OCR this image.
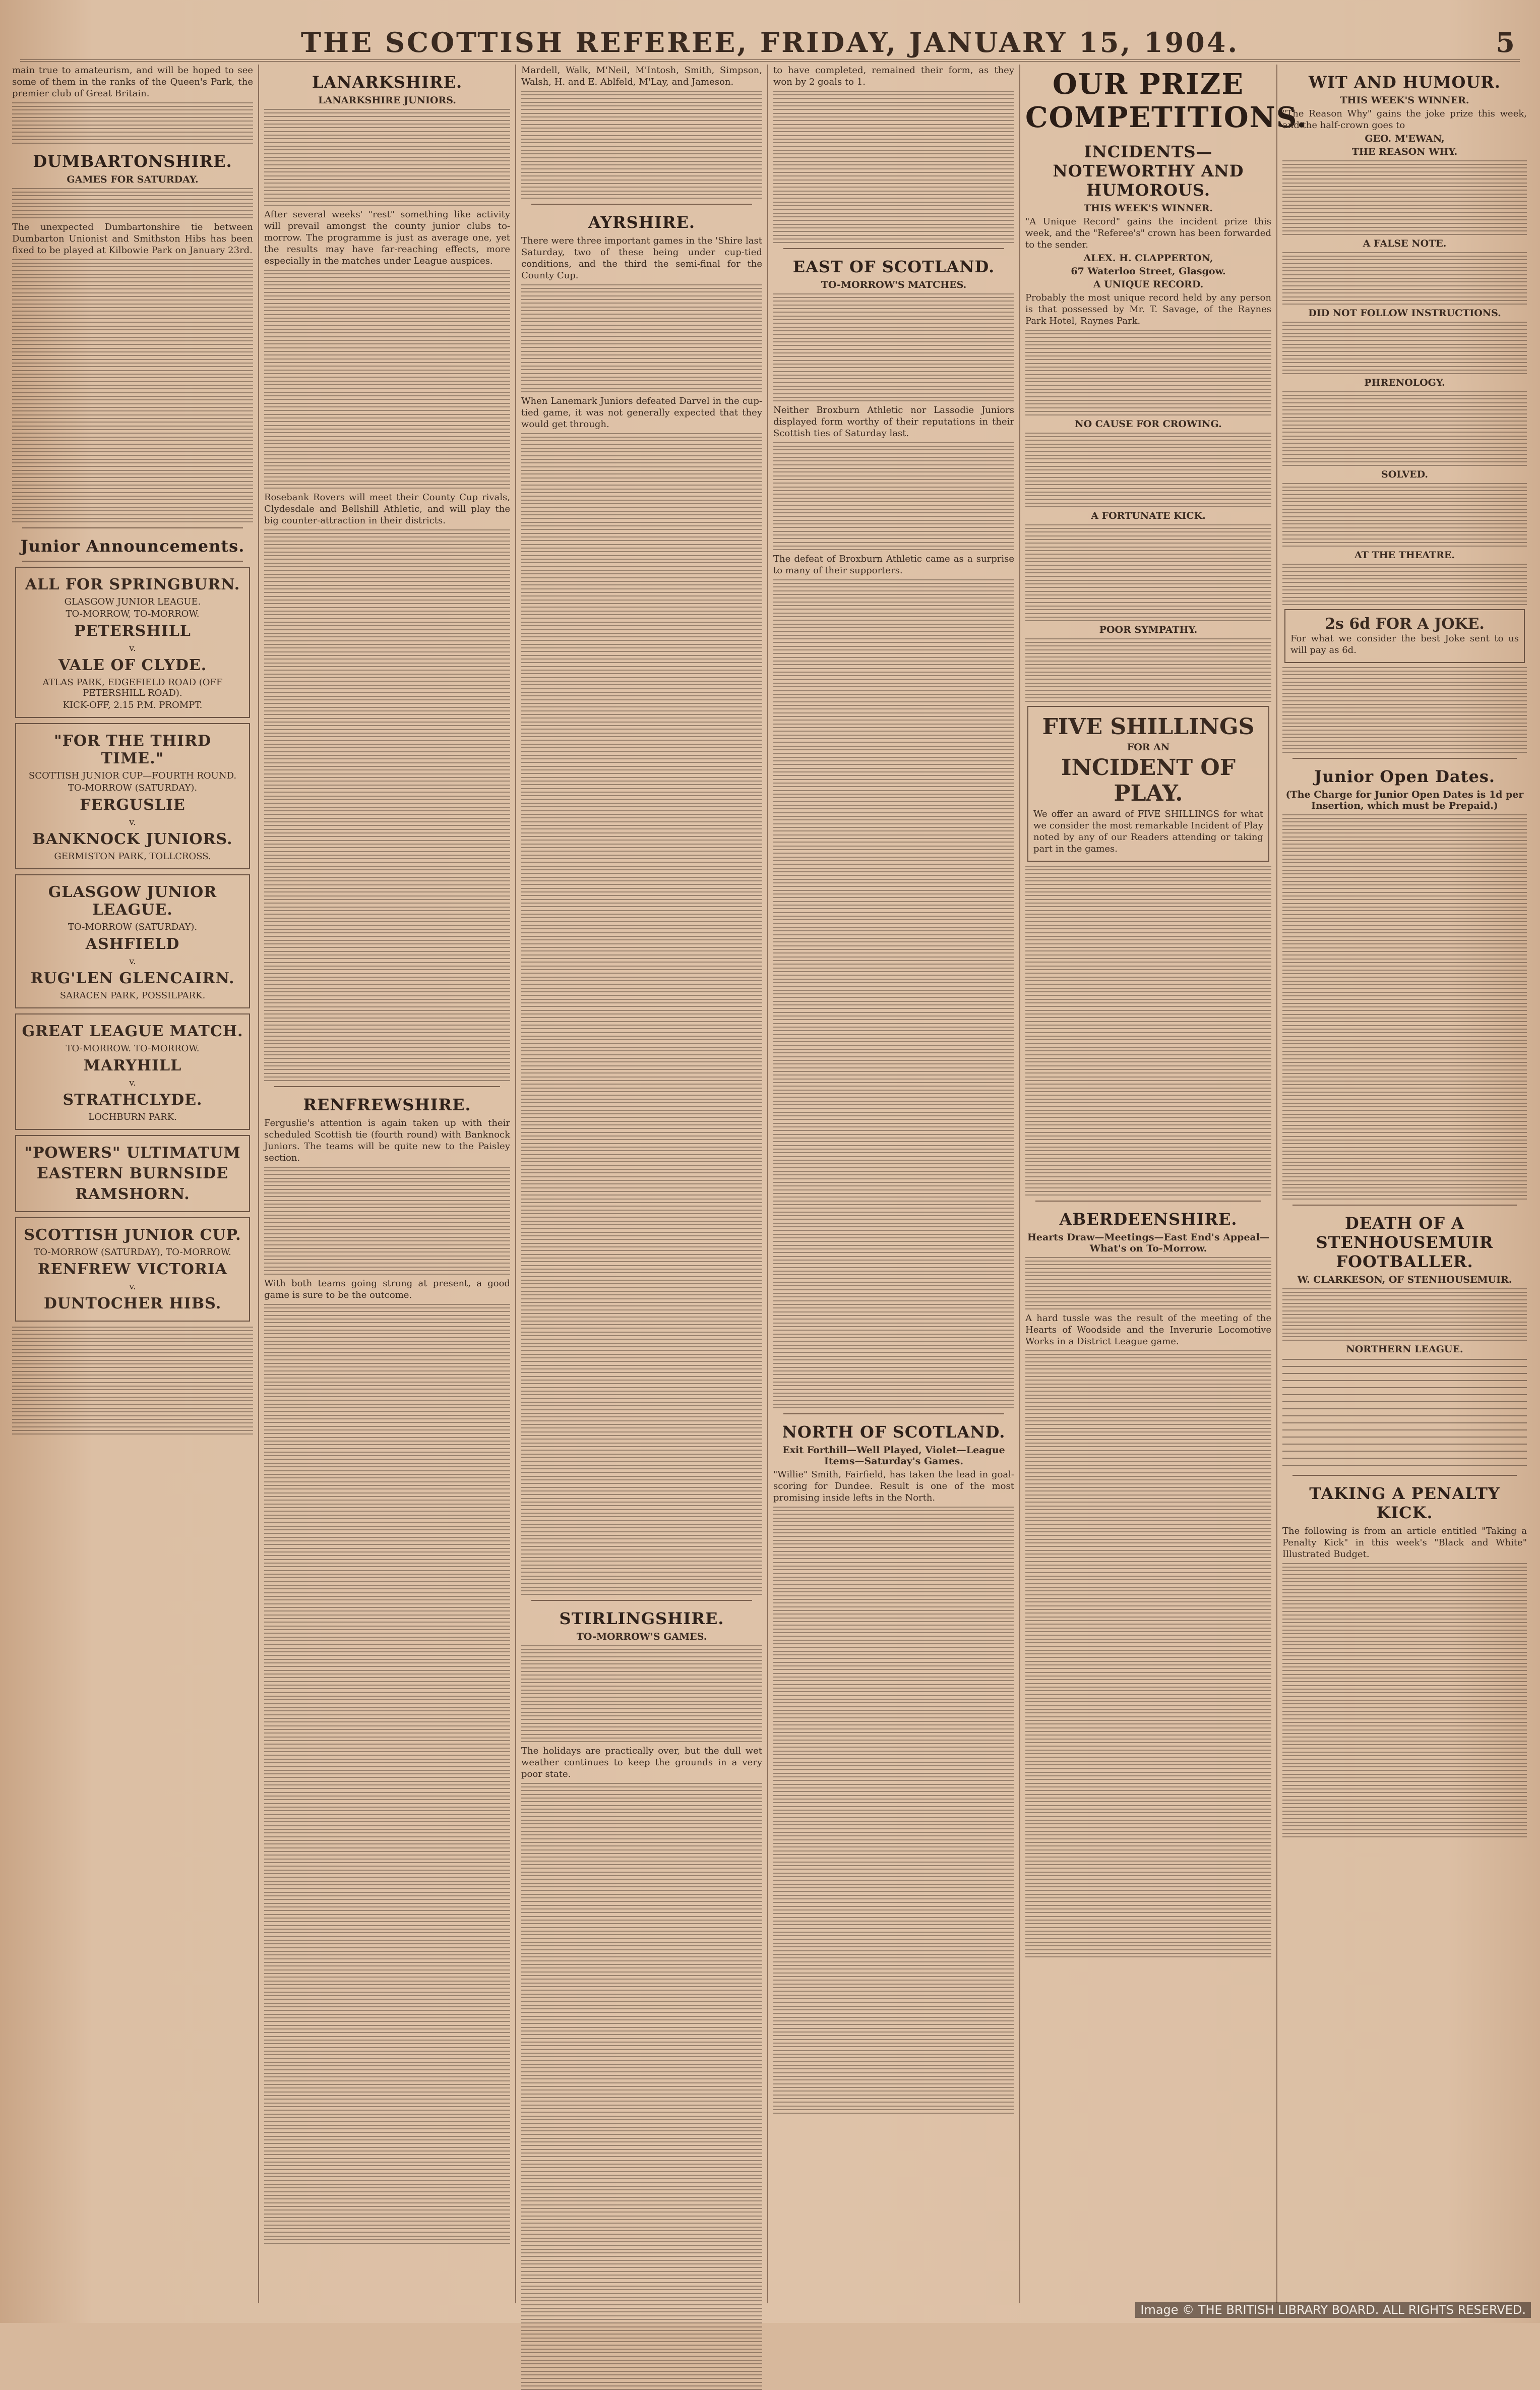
THE SCOTTISH REFEREE, FRIDAY, JANUARY 15, 1904.	5

main true to amateurism, and will be hoped to see some of them in the ranks of the Queen's Park, the premier club of Great Britain.

DUMBARTONSHIRE.
GAMES FOR SATURDAY.

The unexpected Dumbartonshire tie between Dumbarton Unionist and Smithston Hibs has been fixed to be played at Kilbowie Park on January 23rd.

Junior Announcements.
ALL FOR SPRINGBURN.
GLASGOW JUNIOR LEAGUE.
TO-MORROW, TO-MORROW.
PETERSHILL
v.
VALE OF CLYDE.
ATLAS PARK, EDGEFIELD ROAD (OFF PETERSHILL ROAD).
KICK-OFF, 2.15 P.M. PROMPT.
"FOR THE THIRD TIME."
SCOTTISH JUNIOR CUP—FOURTH ROUND.
TO-MORROW (SATURDAY).
FERGUSLIE
v.
BANKNOCK JUNIORS.
GERMISTON PARK, TOLLCROSS.
GLASGOW JUNIOR LEAGUE.
TO-MORROW (SATURDAY).
ASHFIELD
v.
RUG'LEN GLENCAIRN.
SARACEN PARK, POSSILPARK.
GREAT LEAGUE MATCH.
TO-MORROW. TO-MORROW.
MARYHILL
v.
STRATHCLYDE.
LOCHBURN PARK.
"POWERS" ULTIMATUM
EASTERN BURNSIDE
RAMSHORN.
SCOTTISH JUNIOR CUP.
TO-MORROW (SATURDAY), TO-MORROW.
RENFREW VICTORIA
v.
DUNTOCHER HIBS.
LANARKSHIRE.
LANARKSHIRE JUNIORS.

After several weeks' "rest" something like activity will prevail amongst the county junior clubs to-morrow. The programme is just as average one, yet the results may have far-reaching effects, more especially in the matches under League auspices.

Rosebank Rovers will meet their County Cup rivals, Clydesdale and Bellshill Athletic, and will play the big counter-attraction in their districts.

RENFREWSHIRE.

Ferguslie's attention is again taken up with their scheduled Scottish tie (fourth round) with Banknock Juniors. The teams will be quite new to the Paisley section.

With both teams going strong at present, a good game is sure to be the outcome.

Mardell, Walk, M'Neil, M'Intosh, Smith, Simpson, Walsh, H. and E. Ablfeld, M'Lay, and Jameson.

AYRSHIRE.

There were three important games in the 'Shire last Saturday, two of these being under cup-tied conditions, and the third the semi-final for the County Cup.

When Lanemark Juniors defeated Darvel in the cup-tied game, it was not generally expected that they would get through.

STIRLINGSHIRE.
TO-MORROW'S GAMES.

The holidays are practically over, but the dull wet weather continues to keep the grounds in a very poor state.

to have completed, remained their form, as they won by 2 goals to 1.

EAST OF SCOTLAND.
TO-MORROW'S MATCHES.

Neither Broxburn Athletic nor Lassodie Juniors displayed form worthy of their reputations in their Scottish ties of Saturday last.

The defeat of Broxburn Athletic came as a surprise to many of their supporters.

NORTH OF SCOTLAND.
Exit Forthill—Well Played, Violet—League Items—Saturday's Games.

"Willie" Smith, Fairfield, has taken the lead in goal-scoring for Dundee. Result is one of the most promising inside lefts in the North.

OUR PRIZE COMPETITIONS.
INCIDENTS—NOTEWORTHY AND HUMOROUS.
THIS WEEK'S WINNER.

"A Unique Record" gains the incident prize this week, and the "Referee's" crown has been forwarded to the sender.

ALEX. H. CLAPPERTON,
67 Waterloo Street, Glasgow.
A UNIQUE RECORD.

Probably the most unique record held by any person is that possessed by Mr. T. Savage, of the Raynes Park Hotel, Raynes Park.

NO CAUSE FOR CROWING.
A FORTUNATE KICK.
POOR SYMPATHY.
FIVE SHILLINGS
FOR AN
INCIDENT OF PLAY.

We offer an award of FIVE SHILLINGS for what we consider the most remarkable Incident of Play noted by any of our Readers attending or taking part in the games.

ABERDEENSHIRE.
Hearts Draw—Meetings—East End's Appeal—What's on To-Morrow.

A hard tussle was the result of the meeting of the Hearts of Woodside and the Inverurie Locomotive Works in a District League game.

WIT AND HUMOUR.
THIS WEEK'S WINNER.

"The Reason Why" gains the joke prize this week, and the half-crown goes to

GEO. M'EWAN,
THE REASON WHY.
A FALSE NOTE.
DID NOT FOLLOW INSTRUCTIONS.
PHRENOLOGY.
SOLVED.
AT THE THEATRE.
2s 6d FOR A JOKE.

For what we consider the best Joke sent to us will pay as 6d.

Junior Open Dates.
(The Charge for Junior Open Dates is 1d per Insertion, which must be Prepaid.)
DEATH OF A STENHOUSEMUIR FOOTBALLER.
W. CLARKESON, OF STENHOUSEMUIR.
NORTHERN LEAGUE.
TAKING A PENALTY KICK.

The following is from an article entitled "Taking a Penalty Kick" in this week's "Black and White" Illustrated Budget.

Image © THE BRITISH LIBRARY BOARD. ALL RIGHTS RESERVED.
